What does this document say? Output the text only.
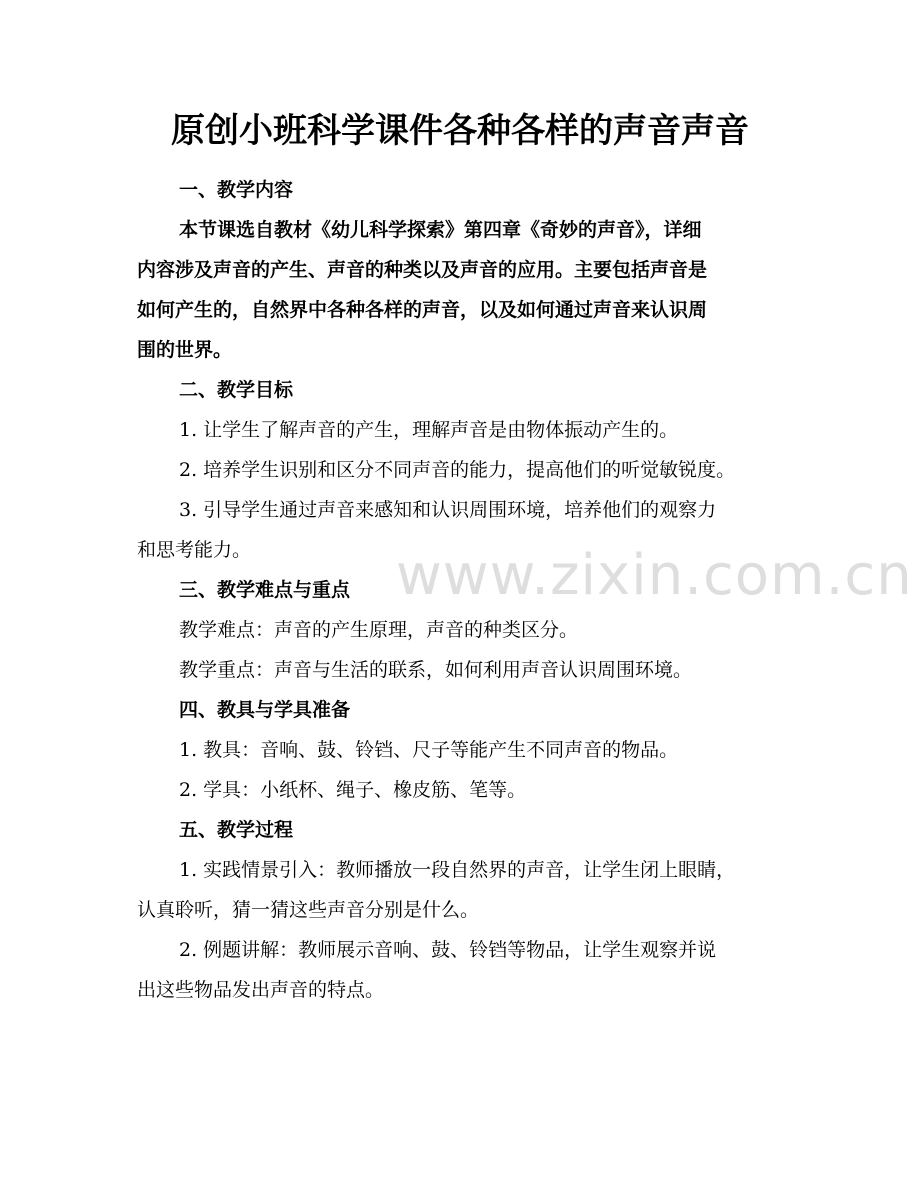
原创小班科学课件各种各样的声音声音
一、教学内容
本节课选自教材《幼儿科学探索》第四章《奇妙的声音》，详细
内容涉及声音的产生、声音的种类以及声音的应用。主要包括声音是
如何产生的，自然界中各种各样的声音，以及如何通过声音来认识周
围的世界。
二、教学目标
1. 让学生了解声音的产生，理解声音是由物体振动产生的。
2. 培养学生识别和区分不同声音的能力，提高他们的听觉敏锐度。
3. 引导学生通过声音来感知和认识周围环境，培养他们的观察力
和思考能力。
三、教学难点与重点
教学难点：声音的产生原理，声音的种类区分。
教学重点：声音与生活的联系，如何利用声音认识周围环境。
四、教具与学具准备
1. 教具：音响、鼓、铃铛、尺子等能产生不同声音的物品。
2. 学具：小纸杯、绳子、橡皮筋、笔等。
五、教学过程
1. 实践情景引入：教师播放一段自然界的声音，让学生闭上眼睛，
认真聆听，猜一猜这些声音分别是什么。
2. 例题讲解：教师展示音响、鼓、铃铛等物品，让学生观察并说
出这些物品发出声音的特点。
www.zixin.com.cn
